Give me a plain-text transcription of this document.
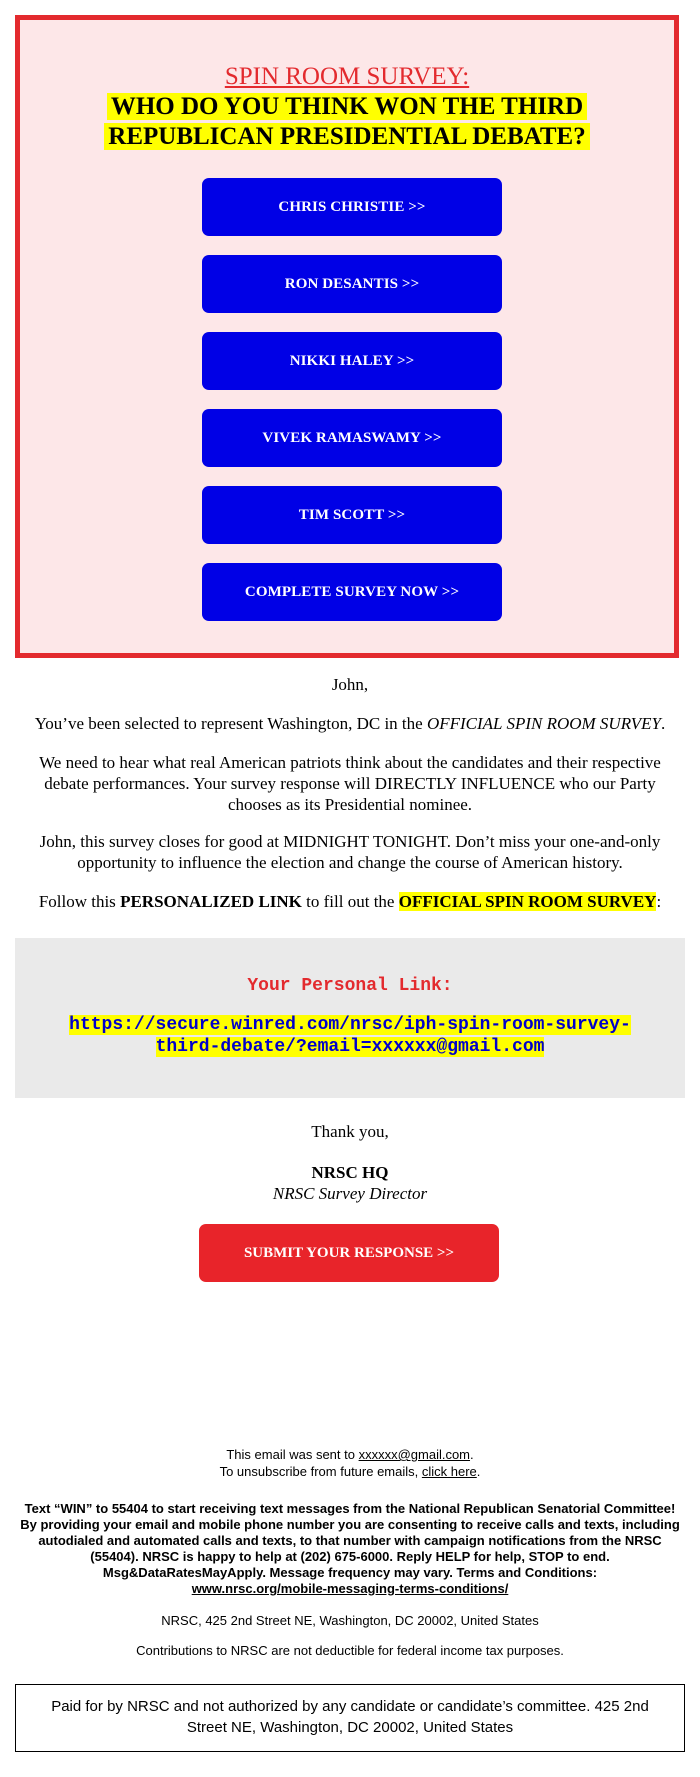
SPIN ROOM SURVEY:
WHO DO YOU THINK WON THE THIRD
REPUBLICAN PRESIDENTIAL DEBATE?
CHRIS CHRISTIE >>
RON DESANTIS >>
NIKKI HALEY >>
VIVEK RAMASWAMY >>
TIM SCOTT >>
COMPLETE SURVEY NOW >>
John,
You’ve been selected to represent Washington, DC in the OFFICIAL SPIN ROOM SURVEY.
We need to hear what real American patriots think about the candidates and their respective debate performances. Your survey response will DIRECTLY INFLUENCE who our Party chooses as its Presidential nominee.
John, this survey closes for good at MIDNIGHT TONIGHT. Don’t miss your one-and-only opportunity to influence the election and change the course of American history.
Follow this PERSONALIZED LINK to fill out the OFFICIAL SPIN ROOM SURVEY:
Your Personal Link:
https://secure.winred.com/nrsc/iph-spin-room-survey-
third-debate/?email=xxxxxx@gmail.com
Thank you,
NRSC HQ
NRSC Survey Director
SUBMIT YOUR RESPONSE >>
This email was sent to xxxxxx@gmail.com.
To unsubscribe from future emails, click here.
Text “WIN” to 55404 to start receiving text messages from the National Republican Senatorial Committee! By providing your email and mobile phone number you are consenting to receive calls and texts, including autodialed and automated calls and texts, to that number with campaign notifications from the NRSC (55404). NRSC is happy to help at (202) 675-6000. Reply HELP for help, STOP to end. Msg&DataRatesMayApply. Message frequency may vary. Terms and Conditions:
www.nrsc.org/mobile-messaging-terms-conditions/
NRSC, 425 2nd Street NE, Washington, DC 20002, United States
Contributions to NRSC are not deductible for federal income tax purposes.
Paid for by NRSC and not authorized by any candidate or candidate’s committee. 425 2nd Street NE, Washington, DC 20002, United States
